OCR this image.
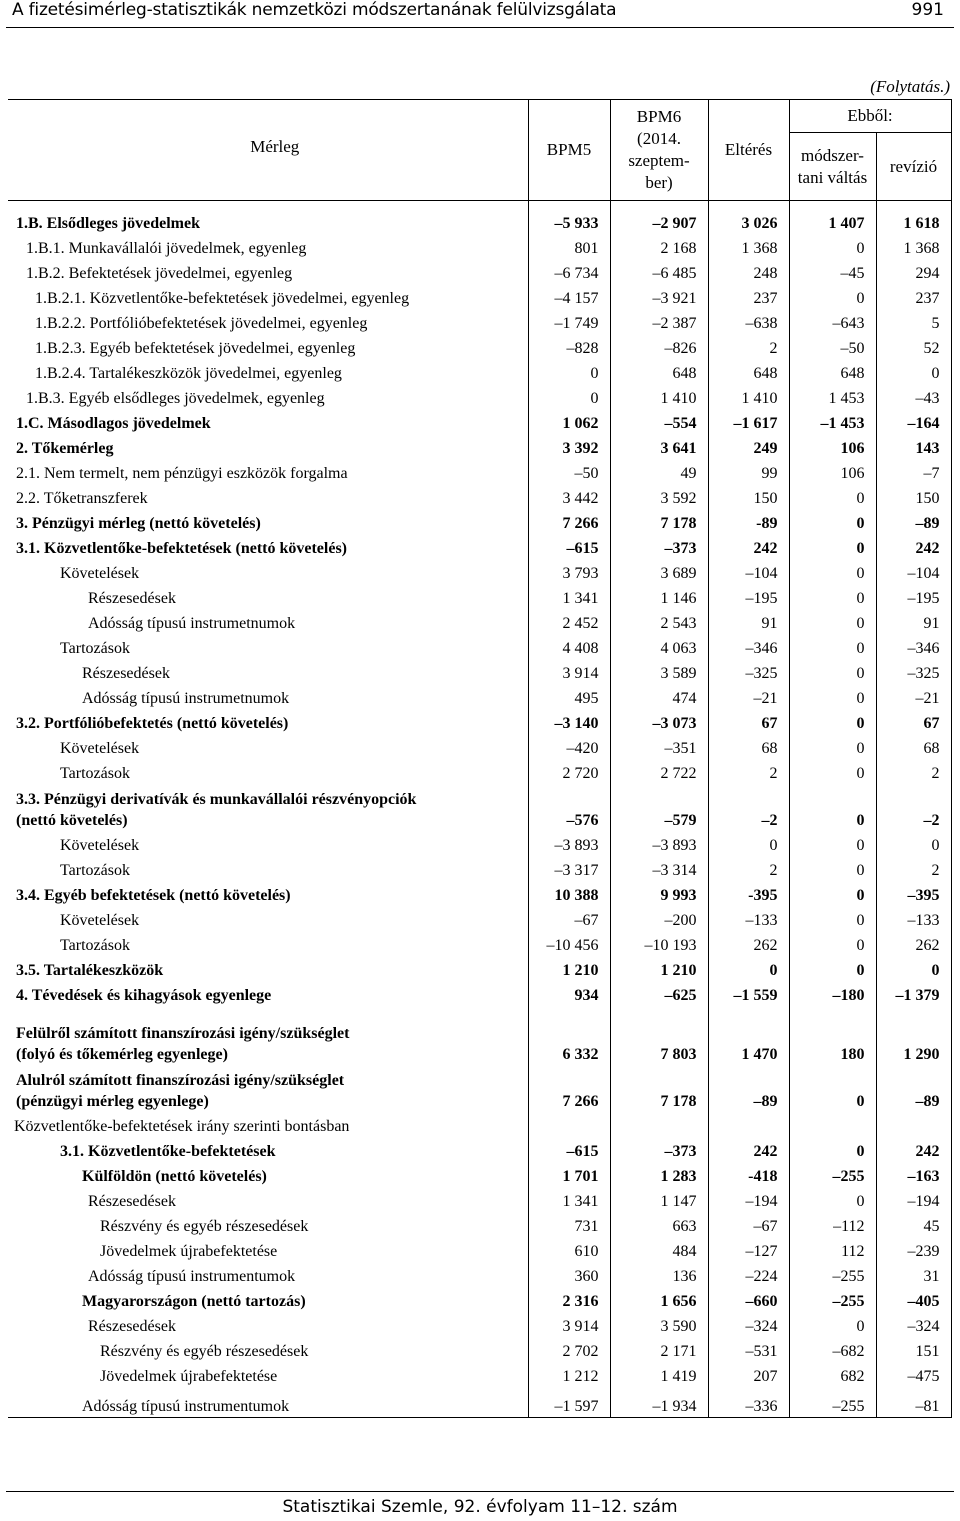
A fizetésimérleg-statisztikák nemzetközi módszertanának felülvizsgálata	991
(Folytatás.)
Mérleg	BPM5	BPM6
(2014.
szeptem-
ber)	Eltérés	Ebből:	
				módszer-
tani váltás	revízió

1.B. Elsődleges jövedelmek	–5 933	–2 907	3 026	1 407	1 618
1.B.1. Munkavállalói jövedelmek, egyenleg	801	2 168	1 368	0	1 368
1.B.2. Befektetések jövedelmei, egyenleg	–6 734	–6 485	248	–45	294
1.B.2.1. Közvetlentőke-befektetések jövedelmei, egyenleg	–4 157	–3 921	237	0	237
1.B.2.2. Portfólióbefektetések jövedelmei, egyenleg	–1 749	–2 387	–638	–643	5
1.B.2.3. Egyéb befektetések jövedelmei, egyenleg	–828	–826	2	–50	52
1.B.2.4. Tartalékeszközök jövedelmei, egyenleg	0	648	648	648	0
1.B.3. Egyéb elsődleges jövedelmek, egyenleg	0	1 410	1 410	1 453	–43
1.C. Másodlagos jövedelmek	1 062	–554	–1 617	–1 453	–164
2. Tőkemérleg	3 392	3 641	249	106	143
2.1. Nem termelt, nem pénzügyi eszközök forgalma	–50	49	99	106	–7
2.2. Tőketranszferek	3 442	3 592	150	0	150
3. Pénzügyi mérleg (nettó követelés)	7 266	7 178	-89	0	–89
3.1. Közvetlentőke-befektetések (nettó követelés)	–615	–373	242	0	242
Követelések	3 793	3 689	–104	0	–104
Részesedések	1 341	1 146	–195	0	–195
Adósság típusú instrumetnumok	2 452	2 543	91	0	91
Tartozások	4 408	4 063	–346	0	–346
Részesedések	3 914	3 589	–325	0	–325
Adósság típusú instrumetnumok	495	474	–21	0	–21
3.2. Portfólióbefektetés (nettó követelés)	–3 140	–3 073	67	0	67
Követelések	–420	–351	68	0	68
Tartozások	2 720	2 722	2	0	2
3.3. Pénzügyi derivatívák és munkavállalói részvényopciók
(nettó követelés)	–576	–579	–2	0	–2
Követelések	–3 893	–3 893	0	0	0
Tartozások	–3 317	–3 314	2	0	2
3.4. Egyéb befektetések (nettó követelés)	10 388	9 993	-395	0	–395
Követelések	–67	–200	–133	0	–133
Tartozások	–10 456	–10 193	262	0	262
3.5. Tartalékeszközök	1 210	1 210	0	0	0
4. Tévedések és kihagyások egyenlege	934	–625	–1 559	–180	–1 379

Felülről számított finanszírozási igény/szükséglet
(folyó és tőkemérleg egyenlege)	6 332	7 803	1 470	180	1 290
Alulról számított finanszírozási igény/szükséglet
(pénzügyi mérleg egyenlege)	7 266	7 178	–89	0	–89
Közvetlentőke-befektetések irány szerinti bontásban					
3.1. Közvetlentőke-befektetések	–615	–373	242	0	242
Külföldön (nettó követelés)	1 701	1 283	-418	–255	–163
Részesedések	1 341	1 147	–194	0	–194
Részvény és egyéb részesedések	731	663	–67	–112	45
Jövedelmek újrabefektetése	610	484	–127	112	–239
Adósság típusú instrumentumok	360	136	–224	–255	31
Magyarországon (nettó tartozás)	2 316	1 656	–660	–255	–405
Részesedések	3 914	3 590	–324	0	–324
Részvény és egyéb részesedések	2 702	2 171	–531	–682	151
Jövedelmek újrabefektetése	1 212	1 419	207	682	–475
Adósság típusú instrumentumok	–1 597	–1 934	–336	–255	–81
Statisztikai Szemle, 92. évfolyam 11–12. szám
